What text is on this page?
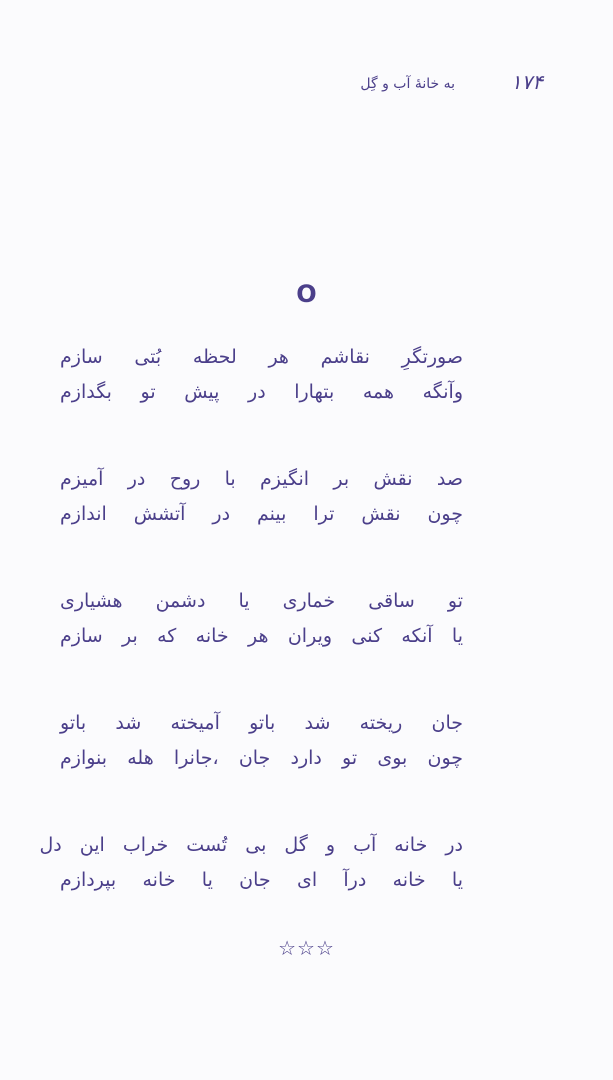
۱۷۴
به خانهٔ آب و گِل
O
صورتگرِ نقاشم هر لحظه بُتی سازم
وآنگه همه بتهارا در پیش تو بگدازم
صد نقش بر انگیزم با روح در آمیزم
چون نقش ترا بینم در آتشش اندازم
تو ساقی خماری یا دشمن هشیاری
یا آنکه کنی ویران هر خانه که بر سازم
جان ریخته شد باتو آمیخته شد باتو
چون بوی تو دارد جان ،جانرا هله بنوازم
در خانه آب و گل بی تُست خراب این دل
یا خانه درآ ای جان یا خانه بپردازم
☆☆☆
